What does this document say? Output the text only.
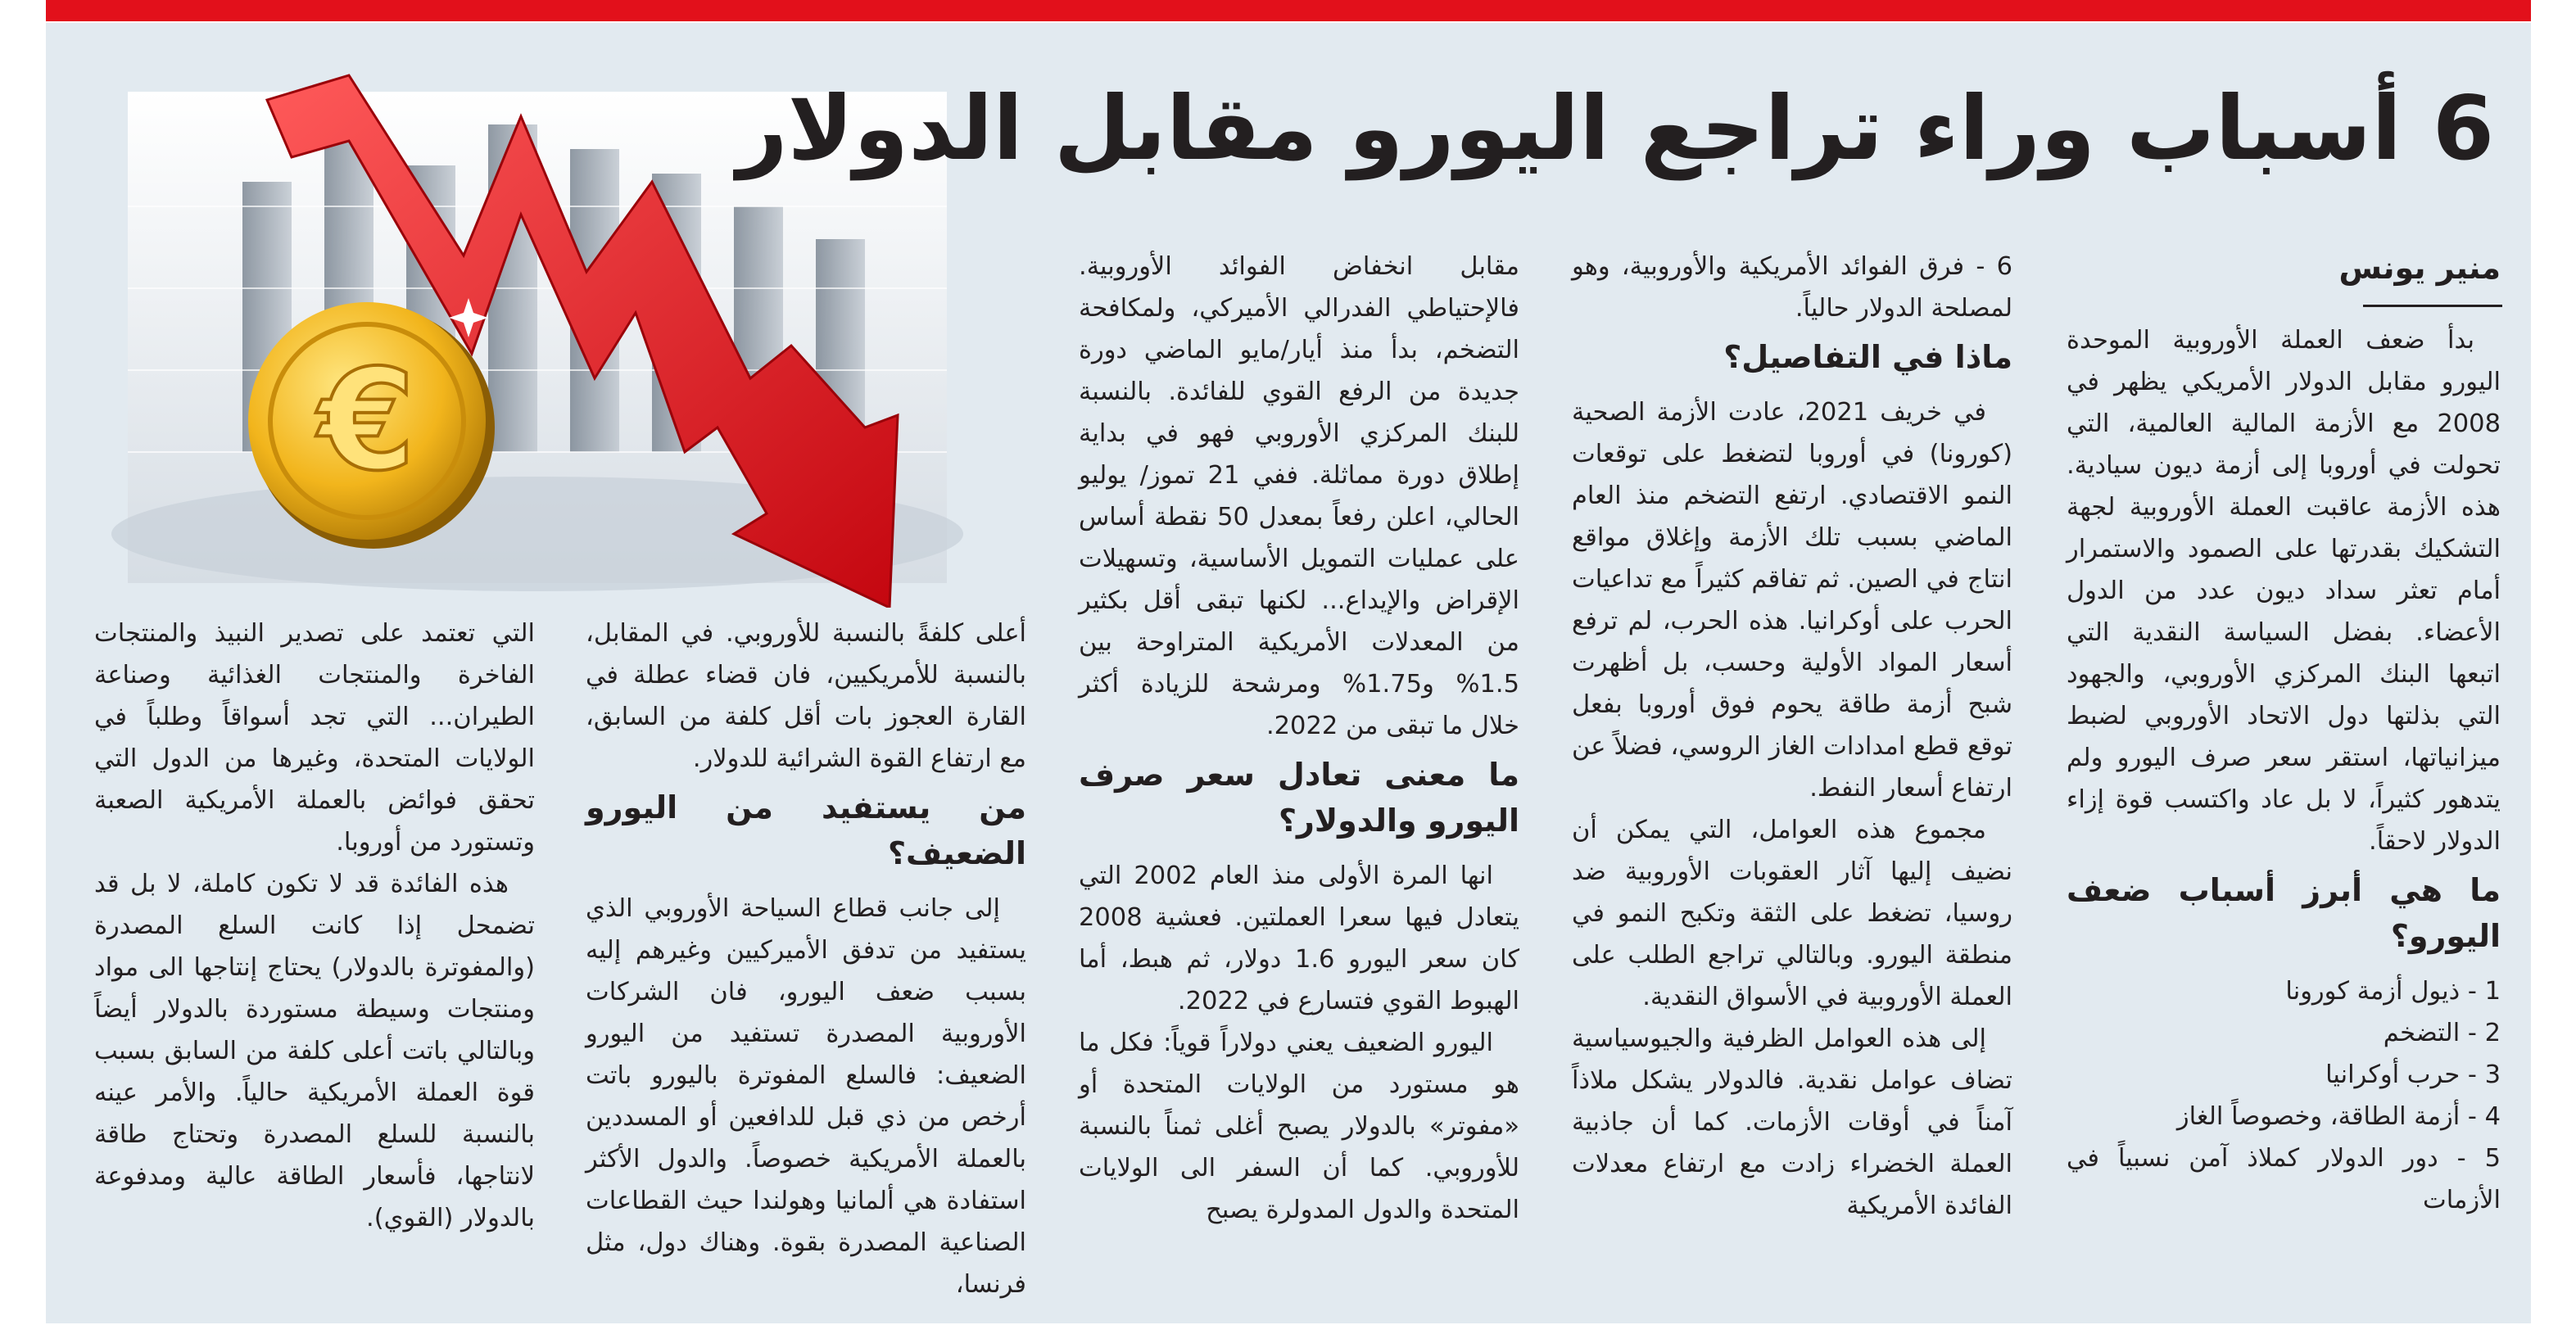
€
6 أسباب وراء تراجع اليورو مقابل الدولار
منير يونس

بدأ ضعف العملة الأوروبية الموحدة اليورو مقابل الدولار الأمريكي يظهر في 2008 مع الأزمة المالية العالمية، التي تحولت في أوروبا إلى أزمة ديون سيادية. هذه الأزمة عاقبت العملة الأوروبية لجهة التشكيك بقدرتها على الصمود والاستمرار أمام تعثر سداد ديون عدد من الدول الأعضاء. بفضل السياسة النقدية التي اتبعها البنك المركزي الأوروبي، والجهود التي بذلتها دول الاتحاد الأوروبي لضبط ميزانياتها، استقر سعر صرف اليورو ولم يتدهور كثيراً، لا بل عاد واكتسب قوة إزاء الدولار لاحقاً.

ما هي أبرز أسباب ضعف اليورو؟

1 - ذيول أزمة كورونا

2 - التضخم

3 - حرب أوكرانيا

4 - أزمة الطاقة، وخصوصاً الغاز

5 - دور الدولار كملاذ آمن نسبياً في الأزمات

6 - فرق الفوائد الأمريكية والأوروبية، وهو لمصلحة الدولار حالياً.

ماذا في التفاصيل؟

في خريف 2021، عادت الأزمة الصحية (كورونا) في أوروبا لتضغط على توقعات النمو الاقتصادي. ارتفع التضخم منذ العام الماضي بسبب تلك الأزمة وإغلاق مواقع انتاج في الصين. ثم تفاقم كثيراً مع تداعيات الحرب على أوكرانيا. هذه الحرب، لم ترفع أسعار المواد الأولية وحسب، بل أظهرت شبح أزمة طاقة يحوم فوق أوروبا بفعل توقع قطع امدادات الغاز الروسي، فضلاً عن ارتفاع أسعار النفط.

مجموع هذه العوامل، التي يمكن أن نضيف إليها آثار العقوبات الأوروبية ضد روسيا، تضغط على الثقة وتكبح النمو في منطقة اليورو. وبالتالي تراجع الطلب على العملة الأوروبية في الأسواق النقدية.

إلى هذه العوامل الظرفية والجيوسياسية تضاف عوامل نقدية. فالدولار يشكل ملاذاً آمناً في أوقات الأزمات. كما أن جاذبية العملة الخضراء زادت مع ارتفاع معدلات الفائدة الأمريكية

مقابل انخفاض الفوائد الأوروبية. فالإحتياطي الفدرالي الأميركي، ولمكافحة التضخم، بدأ منذ أيار/مايو الماضي دورة جديدة من الرفع القوي للفائدة. بالنسبة للبنك المركزي الأوروبي فهو في بداية إطلاق دورة مماثلة. ففي 21 تموز/ يوليو الحالي، اعلن رفعاً بمعدل 50 نقطة أساس على عمليات التمويل الأساسية، وتسهيلات الإقراض والإيداع... لكنها تبقى أقل بكثير من المعدلات الأمريكية المتراوحة بين 1.5% و1.75% ومرشحة للزيادة أكثر خلال ما تبقى من 2022.

ما معنى تعادل سعر صرف اليورو والدولار؟

انها المرة الأولى منذ العام 2002 التي يتعادل فيها سعرا العملتين. فعشية 2008 كان سعر اليورو 1.6 دولار، ثم هبط، أما الهبوط القوي فتسارع في 2022.

اليورو الضعيف يعني دولاراً قوياً: فكل ما هو مستورد من الولايات المتحدة أو «مفوتر» بالدولار يصبح أغلى ثمناً بالنسبة للأوروبي. كما أن السفر الى الولايات المتحدة والدول المدولرة يصبح

أعلى كلفةً بالنسبة للأوروبي. في المقابل، بالنسبة للأمريكيين، فان قضاء عطلة في القارة العجوز بات أقل كلفة من السابق، مع ارتفاع القوة الشرائية للدولار.

من يستفيد من اليورو الضعيف؟

إلى جانب قطاع السياحة الأوروبي الذي يستفيد من تدفق الأميركيين وغيرهم إليه بسبب ضعف اليورو، فان الشركات الأوروبية المصدرة تستفيد من اليورو الضعيف: فالسلع المفوترة باليورو باتت أرخص من ذي قبل للدافعين أو المسددين بالعملة الأمريكية خصوصاً. والدول الأكثر استفادة هي ألمانيا وهولندا حيث القطاعات الصناعية المصدرة بقوة. وهناك دول، مثل فرنسا،

التي تعتمد على تصدير النبيذ والمنتجات الفاخرة والمنتجات الغذائية وصناعة الطيران... التي تجد أسواقاً وطلباً في الولايات المتحدة، وغيرها من الدول التي تحقق فوائض بالعملة الأمريكية الصعبة وتستورد من أوروبا.

هذه الفائدة قد لا تكون كاملة، لا بل قد تضمحل إذا كانت السلع المصدرة (والمفوترة بالدولار) يحتاج إنتاجها الى مواد ومنتجات وسيطة مستوردة بالدولار أيضاً وبالتالي باتت أعلى كلفة من السابق بسبب قوة العملة الأمريكية حالياً. والأمر عينه بالنسبة للسلع المصدرة وتحتاج طاقة لانتاجها، فأسعار الطاقة عالية ومدفوعة بالدولار (القوي).
